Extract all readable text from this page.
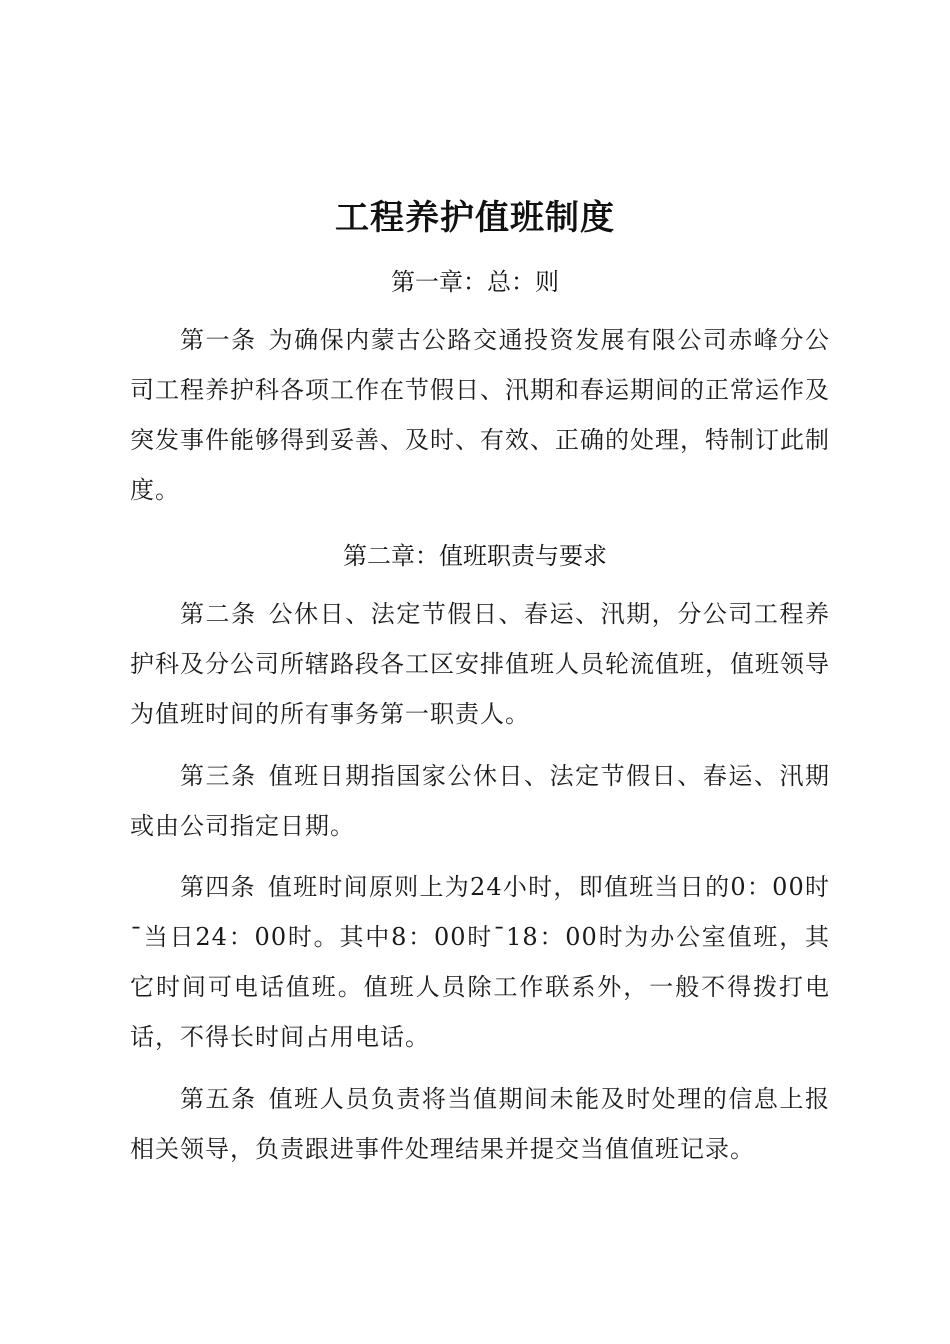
工程养护值班制度
第一章：总：则

第一条 为确保内蒙古公路交通投资发展有限公司赤峰分公司工程养护科各项工作在节假日、汛期和春运期间的正常运作及突发事件能够得到妥善、及时、有效、正确的处理，特制订此制度。

第二章：值班职责与要求

第二条 公休日、法定节假日、春运、汛期，分公司工程养护科及分公司所辖路段各工区安排值班人员轮流值班，值班领导为值班时间的所有事务第一职责人。

第三条 值班日期指国家公休日、法定节假日、春运、汛期或由公司指定日期。

第四条 值班时间原则上为24小时，即值班当日的0：00时¯当日24：00时。其中8：00时¯18：00时为办公室值班，其它时间可电话值班。值班人员除工作联系外，一般不得拨打电话，不得长时间占用电话。

第五条 值班人员负责将当值期间未能及时处理的信息上报相关领导，负责跟进事件处理结果并提交当值值班记录。
